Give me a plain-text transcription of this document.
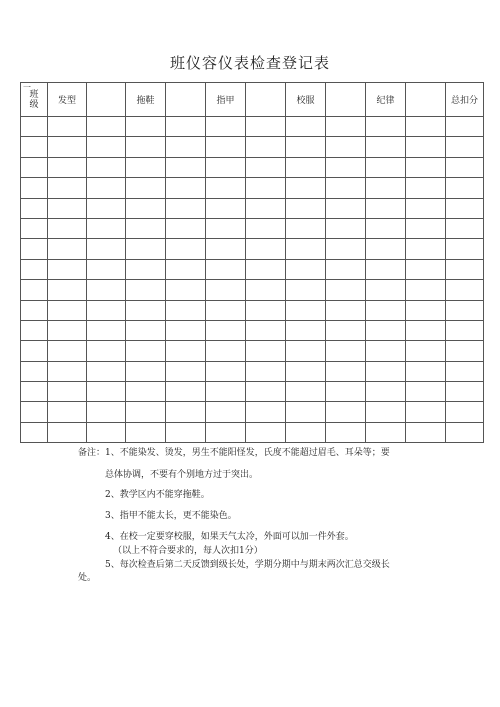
班仪容仪表检查登记表
一
班级	发型		拖鞋		指甲		校服		纪律		总扣分

备注：1、不能染发、烫发，男生不能阳怪发，氏度不能超过眉毛、耳朵等；要
总体协调，不要有个别地方过于突出。
2、教学区内不能穿拖鞋。
3、指甲不能太长，更不能染色。
4、在校一定要穿校服，如果天气太冷，外面可以加一件外套。
（以上不符合要求的，每人次扣1分）
5、每次检查后第二天反馈到级长处，学期分期中与期末两次汇总交级长
处。
